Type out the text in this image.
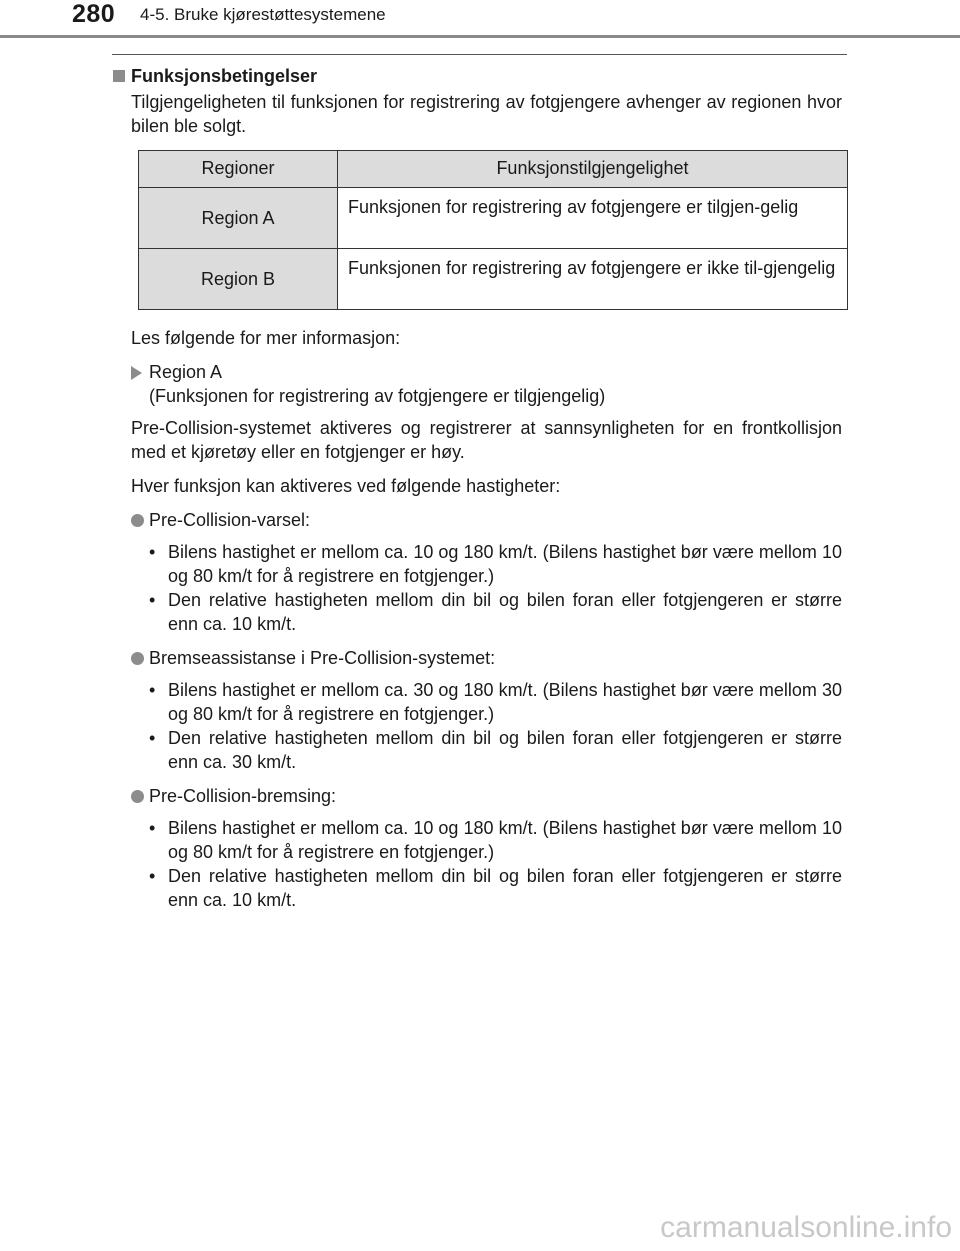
280 4-5. Bruke kjørestøttesystemene
Funksjonsbetingelser

Tilgjengeligheten til funksjonen for registrering av fotgjengere avhenger av regionen hvor bilen ble solgt.

Regioner	Funksjonstilgjengelighet
Region A	Funksjonen for registrering av fotgjengere er tilgjen-gelig
Region B	Funksjonen for registrering av fotgjengere er ikke til-gjengelig

Les følgende for mer informasjon:

Region A
(Funksjonen for registrering av fotgjengere er tilgjengelig)

Pre-Collision-systemet aktiveres og registrerer at sannsynligheten for en frontkollisjon med et kjøretøy eller en fotgjenger er høy.

Hver funksjon kan aktiveres ved følgende hastigheter:

Pre-Collision-varsel:
• Bilens hastighet er mellom ca. 10 og 180 km/t. (Bilens hastighet bør være mellom 10 og 80 km/t for å registrere en fotgjenger.)
• Den relative hastigheten mellom din bil og bilen foran eller fotgjengeren er større enn ca. 10 km/t.
Bremseassistanse i Pre-Collision-systemet:
• Bilens hastighet er mellom ca. 30 og 180 km/t. (Bilens hastighet bør være mellom 30 og 80 km/t for å registrere en fotgjenger.)
• Den relative hastigheten mellom din bil og bilen foran eller fotgjengeren er større enn ca. 30 km/t.
Pre-Collision-bremsing:
• Bilens hastighet er mellom ca. 10 og 180 km/t. (Bilens hastighet bør være mellom 10 og 80 km/t for å registrere en fotgjenger.)
• Den relative hastigheten mellom din bil og bilen foran eller fotgjengeren er større enn ca. 10 km/t.
carmanualsonline.info
